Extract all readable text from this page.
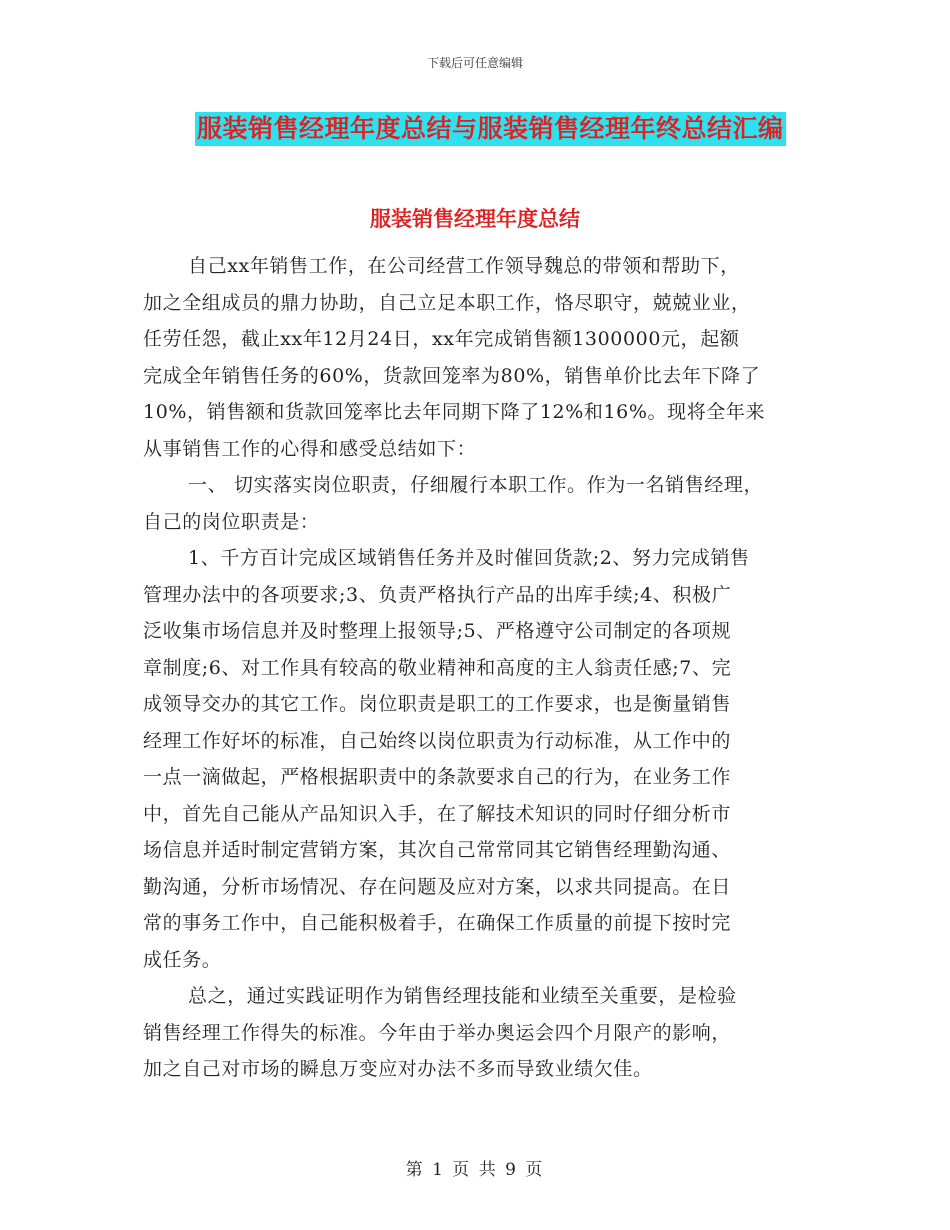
下载后可任意编辑
服装销售经理年度总结与服装销售经理年终总结汇编
服装销售经理年度总结
自己xx年销售工作，在公司经营工作领导魏总的带领和帮助下，
加之全组成员的鼎力协助，自己立足本职工作，恪尽职守，兢兢业业，
任劳任怨，截止xx年12月24日，xx年完成销售额1300000元，起额
完成全年销售任务的60%，货款回笼率为80%，销售单价比去年下降了
10%，销售额和货款回笼率比去年同期下降了12%和16%。现将全年来
从事销售工作的心得和感受总结如下：
一、 切实落实岗位职责，仔细履行本职工作。作为一名销售经理，
自己的岗位职责是：
1、千方百计完成区域销售任务并及时催回货款;2、努力完成销售
管理办法中的各项要求;3、负责严格执行产品的出库手续;4、积极广
泛收集市场信息并及时整理上报领导;5、严格遵守公司制定的各项规
章制度;6、对工作具有较高的敬业精神和高度的主人翁责任感;7、完
成领导交办的其它工作。岗位职责是职工的工作要求，也是衡量销售
经理工作好坏的标准，自己始终以岗位职责为行动标准，从工作中的
一点一滴做起，严格根据职责中的条款要求自己的行为，在业务工作
中，首先自己能从产品知识入手，在了解技术知识的同时仔细分析市
场信息并适时制定营销方案，其次自己常常同其它销售经理勤沟通、
勤沟通，分析市场情况、存在问题及应对方案，以求共同提高。在日
常的事务工作中，自己能积极着手，在确保工作质量的前提下按时完
成任务。
总之，通过实践证明作为销售经理技能和业绩至关重要，是检验
销售经理工作得失的标准。今年由于举办奥运会四个月限产的影响，
加之自己对市场的瞬息万变应对办法不多而导致业绩欠佳。
第 1 页 共 9 页
